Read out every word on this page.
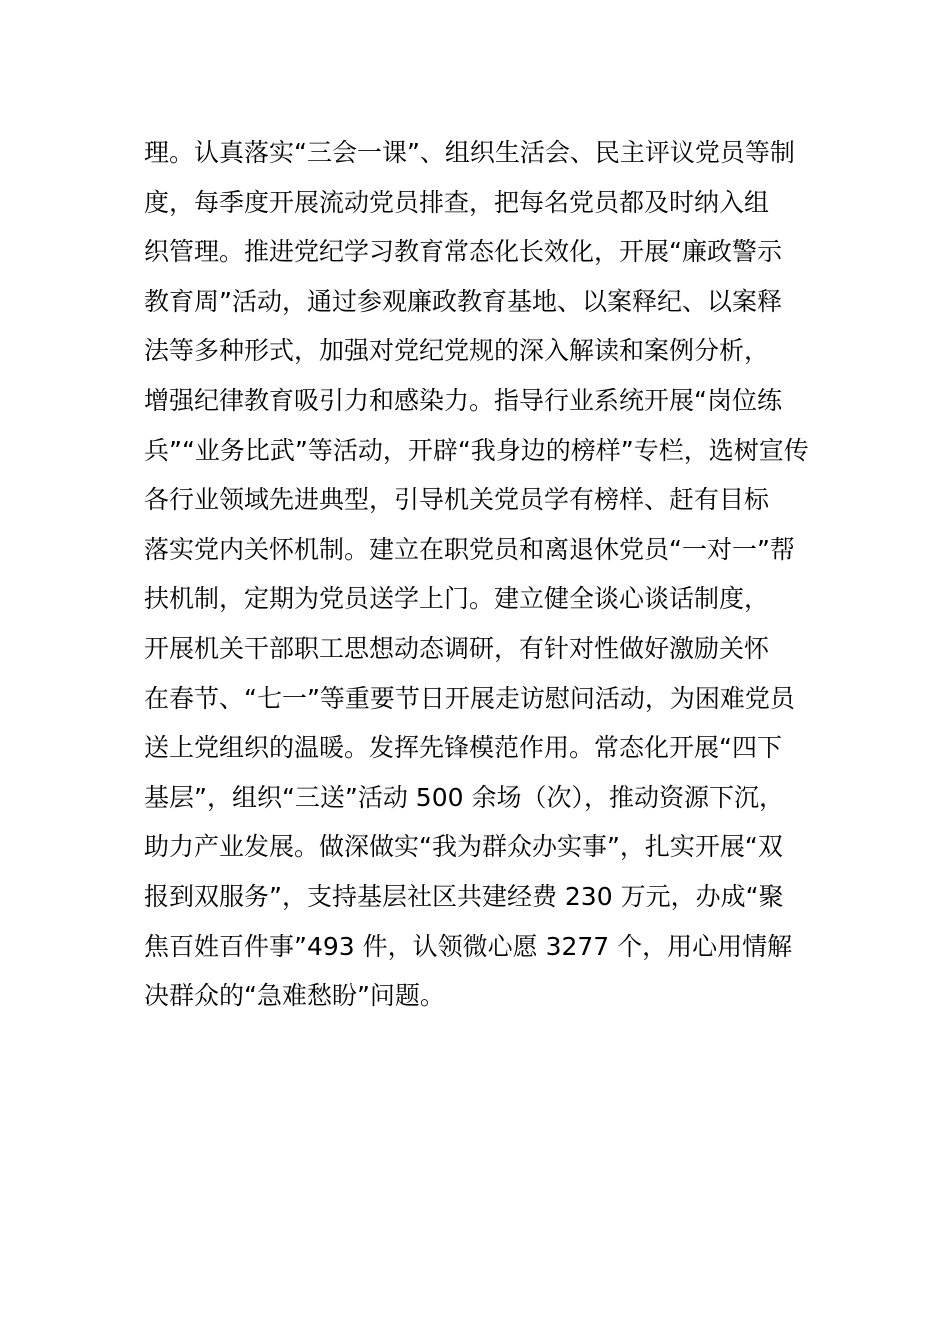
理。认真落实“三会一课”、组织生活会、民主评议党员等制
度，每季度开展流动党员排查，把每名党员都及时纳入组
织管理。推进党纪学习教育常态化长效化，开展“廉政警示
教育周”活动，通过参观廉政教育基地、以案释纪、以案释
法等多种形式，加强对党纪党规的深入解读和案例分析，
增强纪律教育吸引力和感染力。指导行业系统开展“岗位练
兵”“业务比武”等活动，开辟“我身边的榜样”专栏，选树宣传
各行业领域先进典型，引导机关党员学有榜样、赶有目标
落实党内关怀机制。建立在职党员和离退休党员“一对一”帮
扶机制，定期为党员送学上门。建立健全谈心谈话制度，
开展机关干部职工思想动态调研，有针对性做好激励关怀
在春节、“七一”等重要节日开展走访慰问活动，为困难党员
送上党组织的温暖。发挥先锋模范作用。常态化开展“四下
基层”，组织“三送”活动 500 余场（次），推动资源下沉，
助力产业发展。做深做实“我为群众办实事”，扎实开展“双
报到双服务”，支持基层社区共建经费 230 万元，办成“聚
焦百姓百件事”493 件，认领微心愿 3277 个，用心用情解
决群众的“急难愁盼”问题。
